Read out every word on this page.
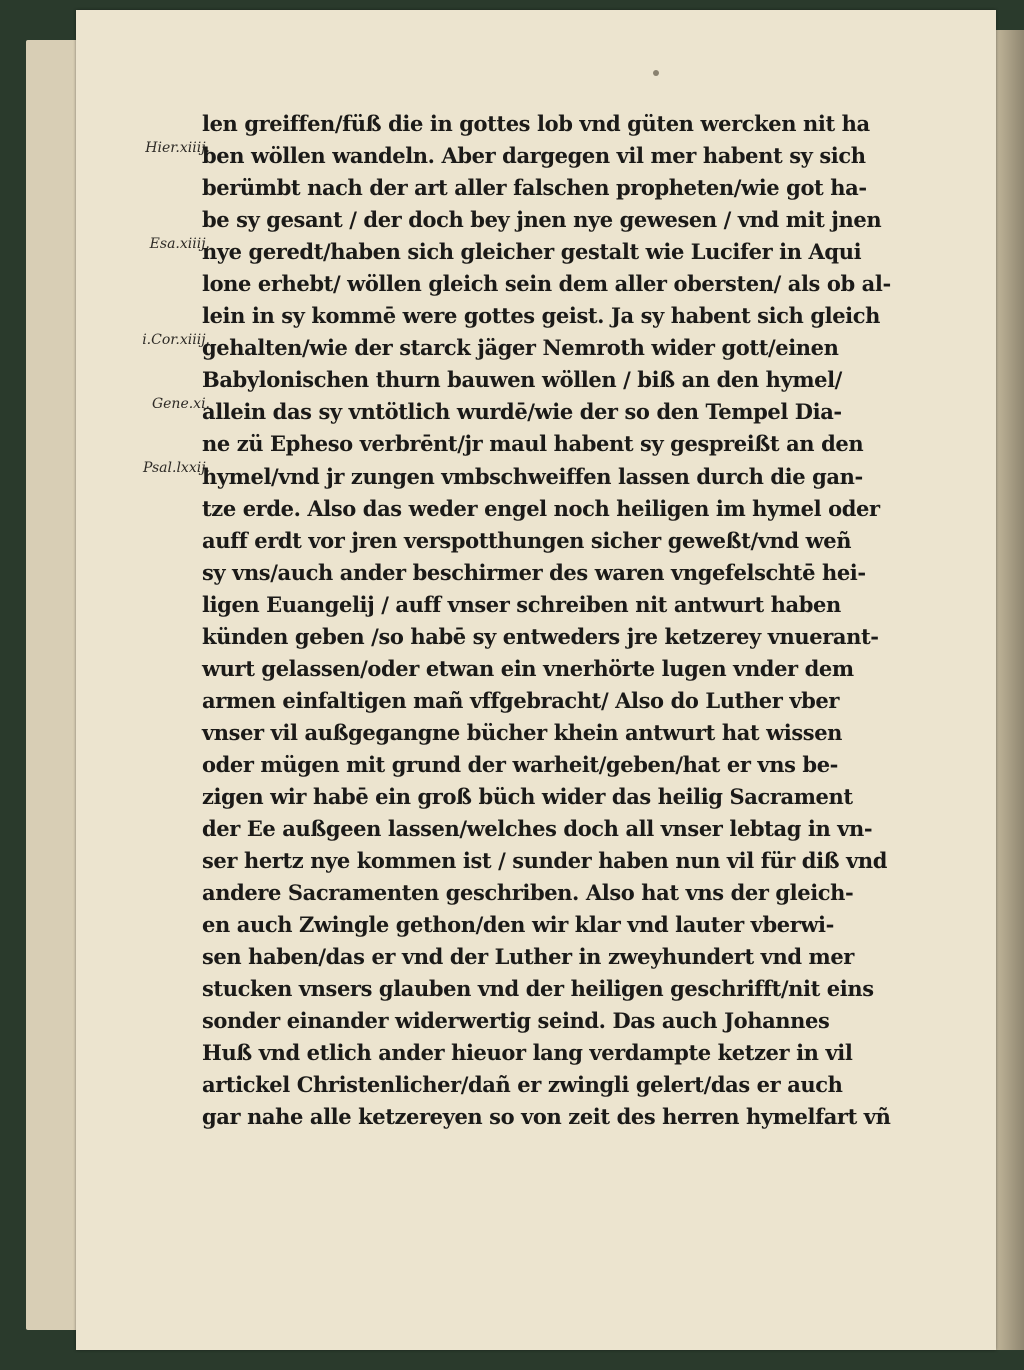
Hier.xiiij.
Esa.xiiij.
i.Cor.xiiij.
Gene.xi.
Psal.lxxij.
len greiffen/füß die in gottes lob vnd güten wercken nit ha
ben wöllen wandeln. Aber dargegen vil mer habent sy sich
berümbt nach der art aller falschen propheten/wie got ha-
be sy gesant / der doch bey jnen nye gewesen / vnd mit jnen
nye geredt/haben sich gleicher gestalt wie Lucifer in Aqui
lone erhebt/ wöllen gleich sein dem aller obersten/ als ob al-
lein in sy kommē were gottes geist. Ja sy habent sich gleich
gehalten/wie der starck jäger Nemroth wider gott/einen
Babylonischen thurn bauwen wöllen / biß an den hymel/
allein das sy vntötlich wurdē/wie der so den Tempel Dia-
ne zü Epheso verbrēnt/jr maul habent sy gespreißt an den
hymel/vnd jr zungen vmbschweiffen lassen durch die gan-
tze erde. Also das weder engel noch heiligen im hymel oder
auff erdt vor jren verspotthungen sicher geweßt/vnd weñ
sy vns/auch ander beschirmer des waren vngefelschtē hei-
ligen Euangelij / auff vnser schreiben nit antwurt haben
künden geben /so habē sy entweders jre ketzerey vnuerant-
wurt gelassen/oder etwan ein vnerhörte lugen vnder dem
armen einfaltigen mañ vffgebracht/ Also do Luther vber
vnser vil außgegangne bücher khein antwurt hat wissen
oder mügen mit grund der warheit/geben/hat er vns be-
zigen wir habē ein groß büch wider das heilig Sacrament
der Ee außgeen lassen/welches doch all vnser lebtag in vn-
ser hertz nye kommen ist / sunder haben nun vil für diß vnd
andere Sacramenten geschriben. Also hat vns der gleich-
en auch Zwingle gethon/den wir klar vnd lauter vberwi-
sen haben/das er vnd der Luther in zweyhundert vnd mer
stucken vnsers glauben vnd der heiligen geschrifft/nit eins
sonder einander widerwertig seind. Das auch Johannes
Huß vnd etlich ander hieuor lang verdampte ketzer in vil
artickel Christenlicher/dañ er zwingli gelert/das er auch
gar nahe alle ketzereyen so von zeit des herren hymelfart vñ
